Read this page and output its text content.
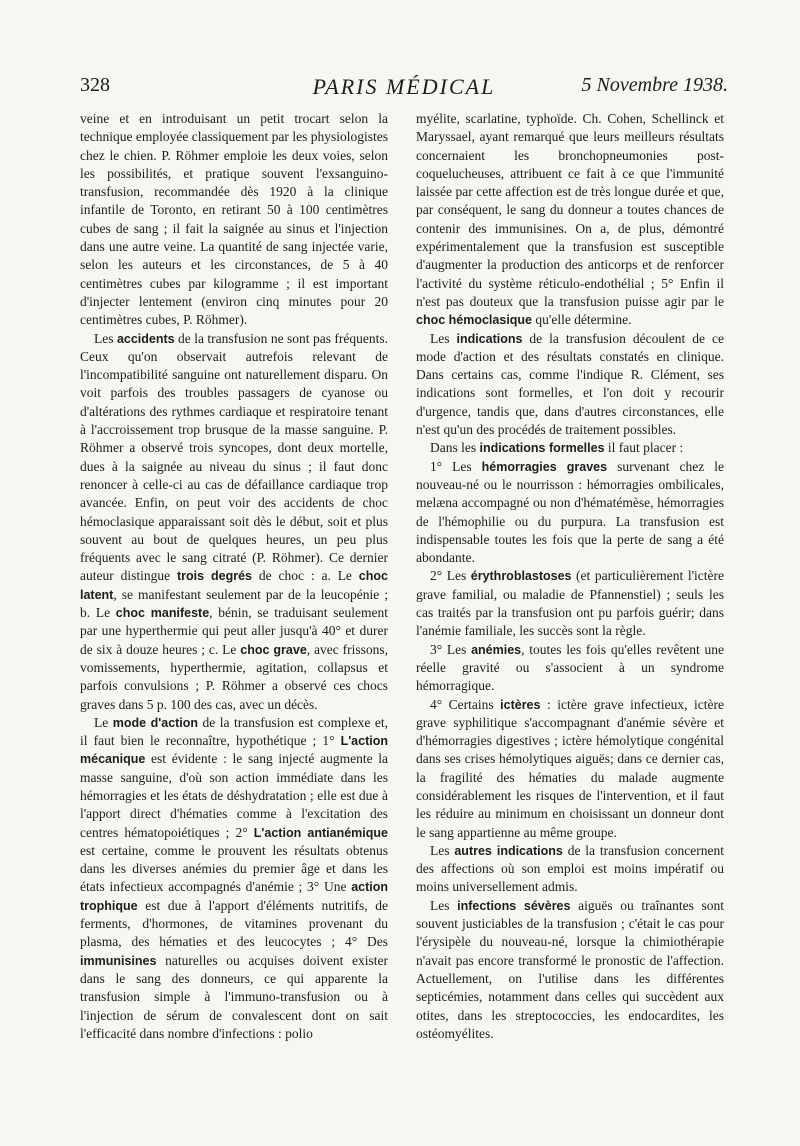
328	PARIS MÉDICAL	5 Novembre 1938.

veine et en introduisant un petit trocart selon la technique employée classiquement par les physiologistes chez le chien. P. Röhmer emploie les deux voies, selon les possibilités, et pratique souvent l'exsanguino-transfusion, recommandée dès 1920 à la clinique infantile de Toronto, en retirant 50 à 100 centimètres cubes de sang ; il fait la saignée au sinus et l'injection dans une autre veine. La quantité de sang injectée varie, selon les auteurs et les circonstances, de 5 à 40 centimètres cubes par kilogramme ; il est important d'injecter lentement (environ cinq minutes pour 20 centimètres cubes, P. Röhmer).

Les accidents de la transfusion ne sont pas fréquents. Ceux qu'on observait autrefois relevant de l'incompatibilité sanguine ont naturellement disparu. On voit parfois des troubles passagers de cyanose ou d'altérations des rythmes cardiaque et respiratoire tenant à l'accroissement trop brusque de la masse sanguine. P. Röhmer a observé trois syncopes, dont deux mortelle, dues à la saignée au niveau du sinus ; il faut donc renoncer à celle-ci au cas de défaillance cardiaque trop avancée. Enfin, on peut voir des accidents de choc hémoclasique apparaissant soit dès le début, soit et plus souvent au bout de quelques heures, un peu plus fréquents avec le sang citraté (P. Röhmer). Ce dernier auteur distingue trois degrés de choc : a. Le choc latent, se manifestant seulement par de la leucopénie ; b. Le choc manifeste, bénin, se traduisant seulement par une hyperthermie qui peut aller jusqu'à 40° et durer de six à douze heures ; c. Le choc grave, avec frissons, vomissements, hyperthermie, agitation, collapsus et parfois convulsions ; P. Röhmer a observé ces chocs graves dans 5 p. 100 des cas, avec un décès.

Le mode d'action de la transfusion est complexe et, il faut bien le reconnaître, hypothétique ; 1° L'action mécanique est évidente : le sang injecté augmente la masse sanguine, d'où son action immédiate dans les hémorragies et les états de déshydratation ; elle est due à l'apport direct d'hématies comme à l'excitation des centres hématopoiétiques ; 2° L'action antianémique est certaine, comme le prouvent les résultats obtenus dans les diverses anémies du premier âge et dans les états infectieux accompagnés d'anémie ; 3° Une action trophique est due à l'apport d'éléments nutritifs, de ferments, d'hormones, de vitamines provenant du plasma, des hématies et des leucocytes ; 4° Des immunisines naturelles ou acquises doivent exister dans le sang des donneurs, ce qui apparente la transfusion simple à l'immuno-transfusion ou à l'injection de sérum de convalescent dont on sait l'efficacité dans nombre d'infections : polio

myélite, scarlatine, typhoïde. Ch. Cohen, Schellinck et Maryssael, ayant remarqué que leurs meilleurs résultats concernaient les bronchopneumonies post-coquelucheuses, attribuent ce fait à ce que l'immunité laissée par cette affection est de très longue durée et que, par conséquent, le sang du donneur a toutes chances de contenir des immunisines. On a, de plus, démontré expérimentalement que la transfusion est susceptible d'augmenter la production des anticorps et de renforcer l'activité du système réticulo-endothélial ; 5° Enfin il n'est pas douteux que la transfusion puisse agir par le choc hémoclasique qu'elle détermine.

Les indications de la transfusion découlent de ce mode d'action et des résultats constatés en clinique. Dans certains cas, comme l'indique R. Clément, ses indications sont formelles, et l'on doit y recourir d'urgence, tandis que, dans d'autres circonstances, elle n'est qu'un des procédés de traitement possibles.

Dans les indications formelles il faut placer :

1° Les hémorragies graves survenant chez le nouveau-né ou le nourrisson : hémorragies ombilicales, melæna accompagné ou non d'hématémèse, hémorragies de l'hémophilie ou du purpura. La transfusion est indispensable toutes les fois que la perte de sang a été abondante.

2° Les érythroblastoses (et particulièrement l'ictère grave familial, ou maladie de Pfannenstiel) ; seuls les cas traités par la transfusion ont pu parfois guérir; dans l'anémie familiale, les succès sont la règle.

3° Les anémies, toutes les fois qu'elles revêtent une réelle gravité ou s'associent à un syndrome hémorragique.

4° Certains ictères : ictère grave infectieux, ictère grave syphilitique s'accompagnant d'anémie sévère et d'hémorragies digestives ; ictère hémolytique congénital dans ses crises hémolytiques aiguës; dans ce dernier cas, la fragilité des hématies du malade augmente considérablement les risques de l'intervention, et il faut les réduire au minimum en choisissant un donneur dont le sang appartienne au même groupe.

Les autres indications de la transfusion concernent des affections où son emploi est moins impératif ou moins universellement admis.

Les infections sévères aiguës ou traînantes sont souvent justiciables de la transfusion ; c'était le cas pour l'érysipèle du nouveau-né, lorsque la chimiothérapie n'avait pas encore transformé le pronostic de l'affection. Actuellement, on l'utilise dans les différentes septicémies, notamment dans celles qui succèdent aux otites, dans les streptococcies, les endocardites, les ostéomyélites.
